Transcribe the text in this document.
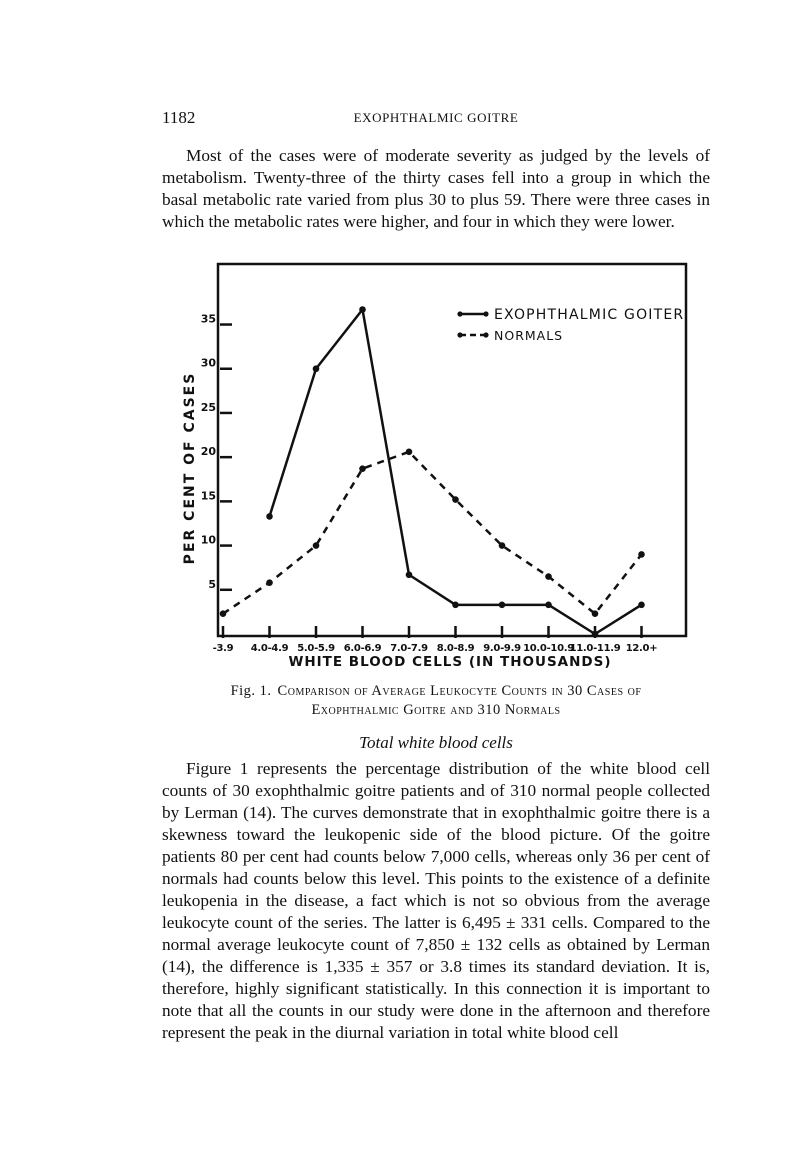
1182	EXOPHTHALMIC GOITRE

Most of the cases were of moderate severity as judged by the levels of metabolism. Twenty-three of the thirty cases fell into a group in which the basal metabolic rate varied from plus 30 to plus 59. There were three cases in which the metabolic rates were higher, and four in which they were lower.

PER CENT OF CASES
WHITE BLOOD CELLS (IN THOUSANDS)
EXOPHTHALMIC GOITER
NORMALS
5
10
15
20
25
30
35
-3.9 4.0-4.9 5.0-5.9 6.0-6.9 7.0-7.9 8.0-8.9 9.0-9.9 10.0-10.9
11.0-11.9 12.0+
Fig. 1. Comparison of Average Leukocyte Counts in 30 Cases of
Exophthalmic Goitre and 310 Normals
Total white blood cells

Figure 1 represents the percentage distribution of the white blood cell counts of 30 exophthalmic goitre patients and of 310 normal people collected by Lerman (14). The curves demonstrate that in exophthalmic goitre there is a skewness toward the leukopenic side of the blood picture. Of the goitre patients 80 per cent had counts below 7,000 cells, whereas only 36 per cent of normals had counts below this level. This points to the existence of a definite leukopenia in the disease, a fact which is not so obvious from the average leukocyte count of the series. The latter is 6,495 ± 331 cells. Compared to the normal average leukocyte count of 7,850 ± 132 cells as obtained by Lerman (14), the difference is 1,335 ± 357 or 3.8 times its standard deviation. It is, therefore, highly significant statistically. In this connection it is important to note that all the counts in our study were done in the afternoon and therefore represent the peak in the diurnal variation in total white blood cell
